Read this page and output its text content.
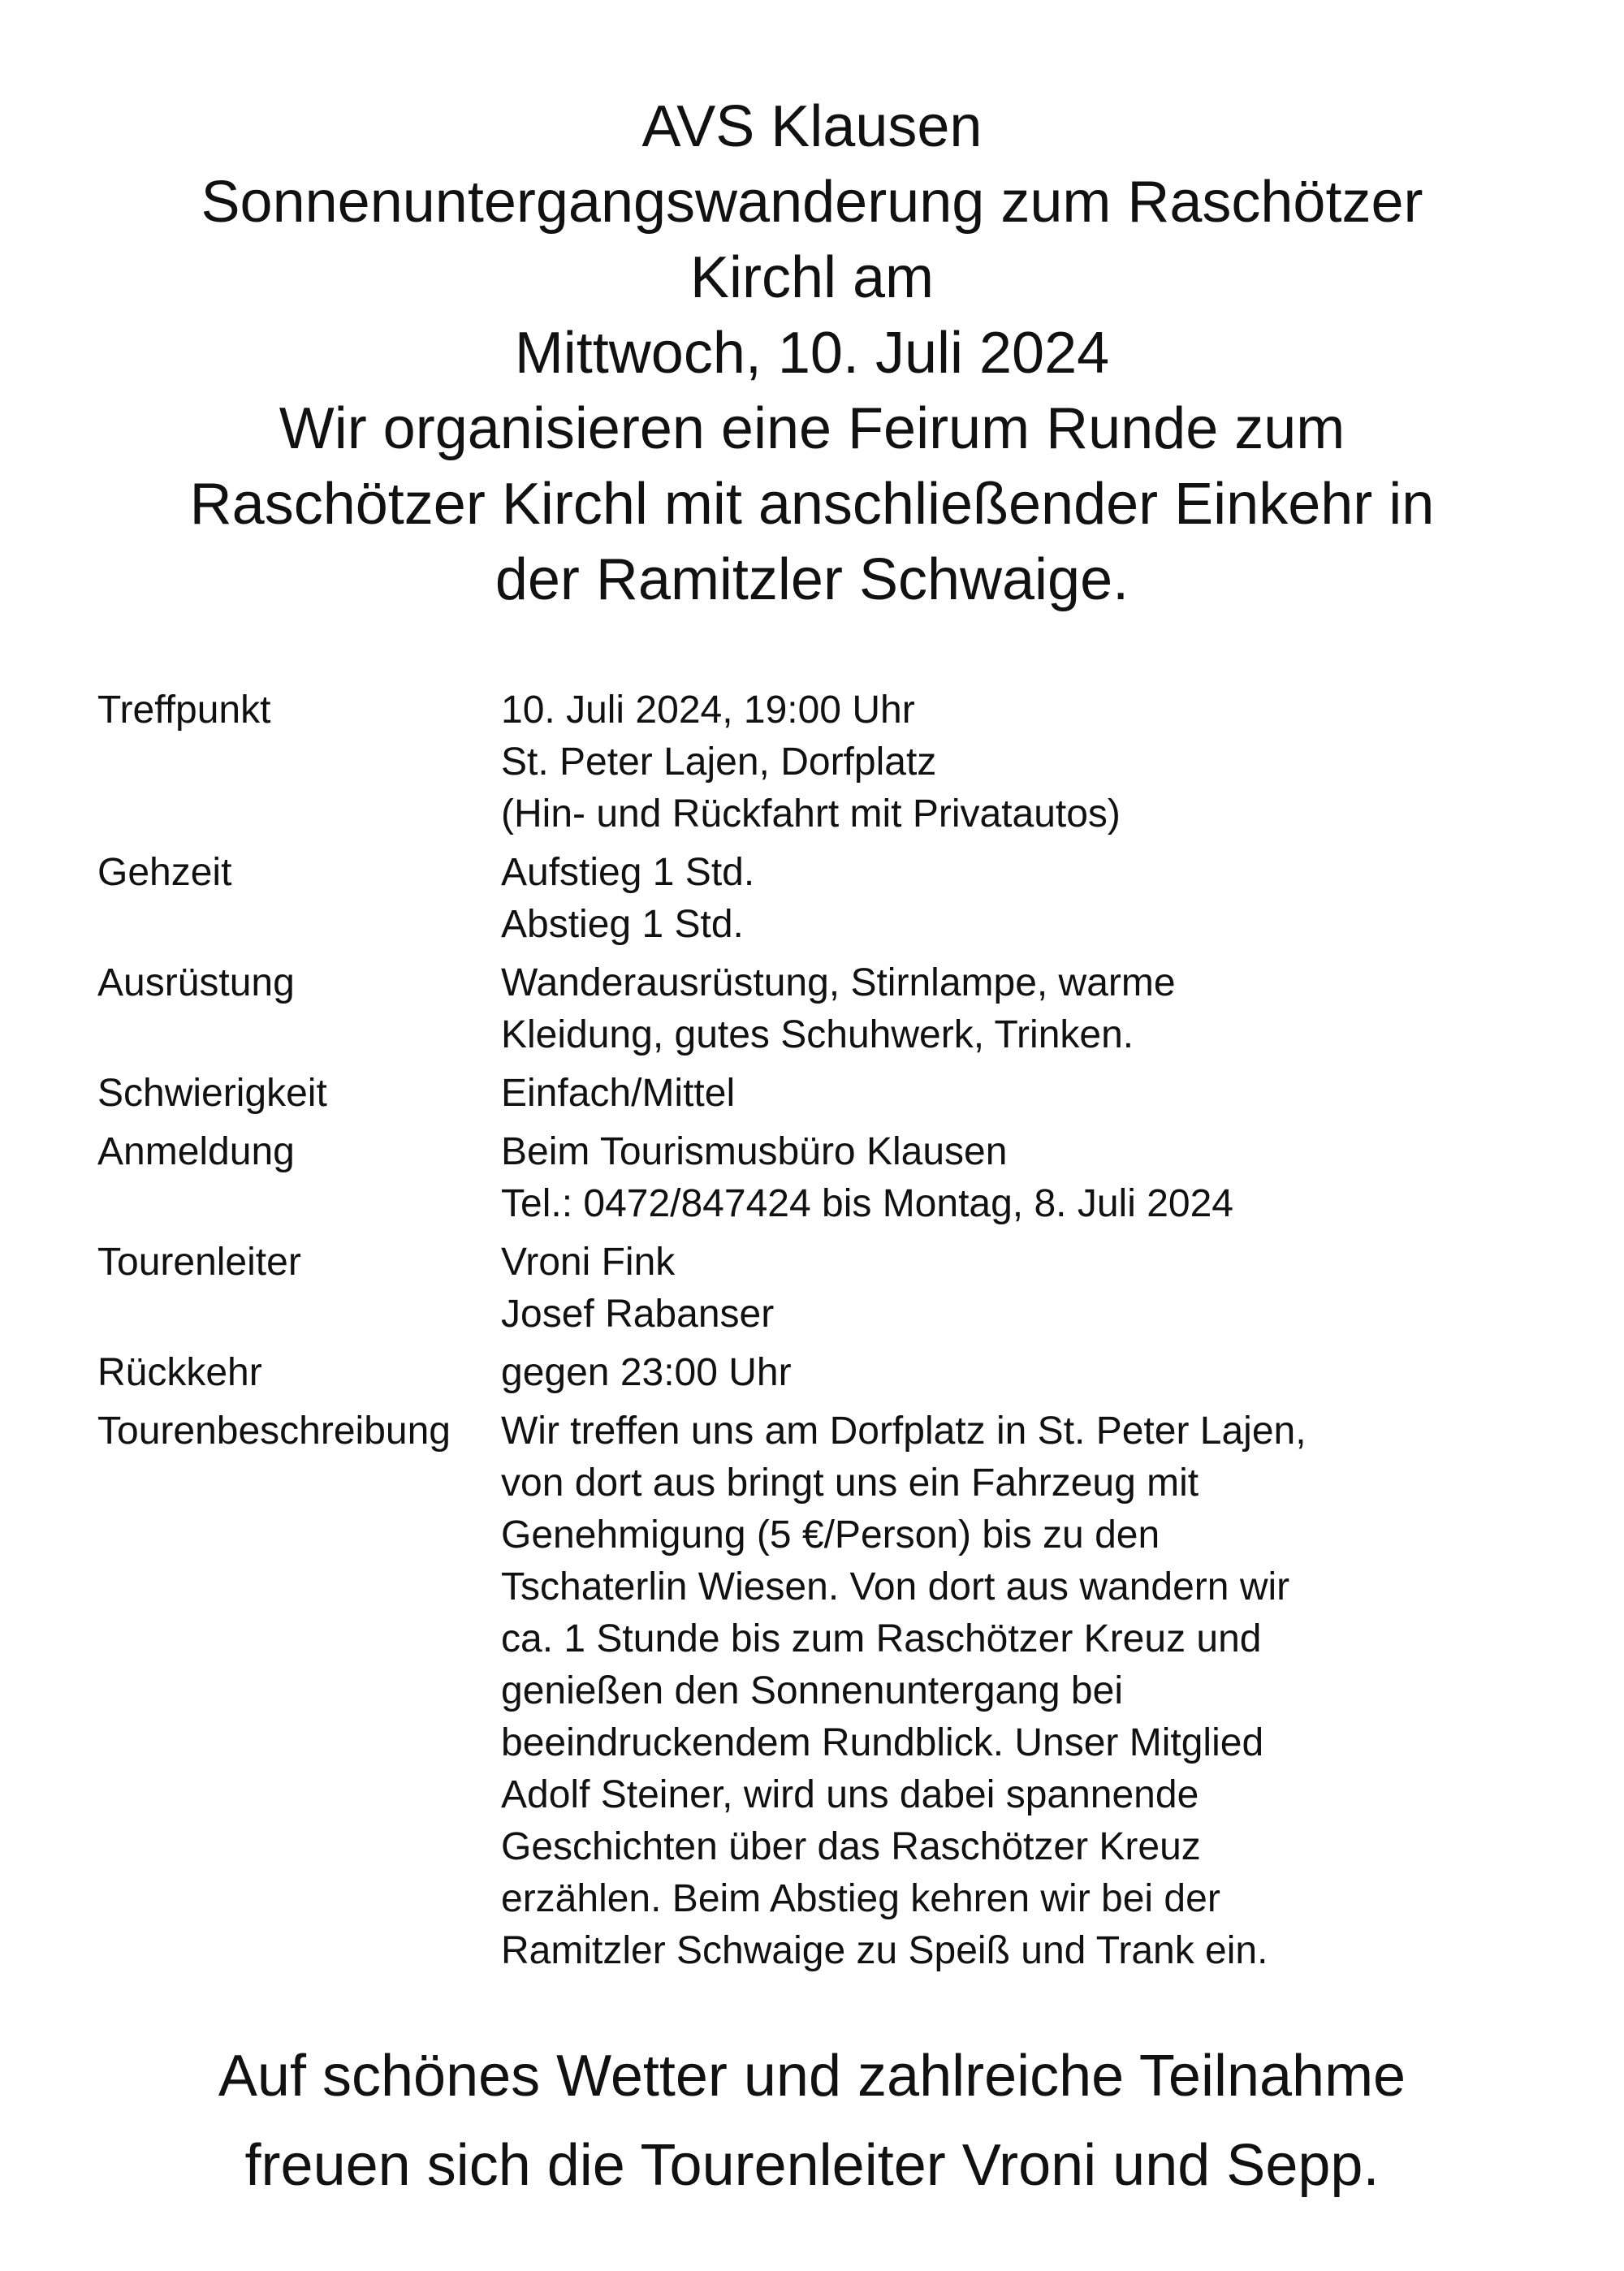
AVS Klausen
Sonnenuntergangswanderung zum Raschötzer
Kirchl am
Mittwoch, 10. Juli 2024
Wir organisieren eine Feirum Runde zum
Raschötzer Kirchl mit anschließender Einkehr in
der Ramitzler Schwaige.
Treffpunkt	10. Juli 2024, 19:00 Uhr
St. Peter Lajen, Dorfplatz
(Hin- und Rückfahrt mit Privatautos)
Gehzeit	Aufstieg 1 Std.
Abstieg 1 Std.
Ausrüstung	Wanderausrüstung, Stirnlampe, warme
Kleidung, gutes Schuhwerk, Trinken.
Schwierigkeit	Einfach/Mittel
Anmeldung	Beim Tourismusbüro Klausen
Tel.: 0472/847424 bis Montag, 8. Juli 2024
Tourenleiter	Vroni Fink
Josef Rabanser
Rückkehr	gegen 23:00 Uhr
Tourenbeschreibung Wir treffen uns am Dorfplatz in St. Peter Lajen,
von dort aus bringt uns ein Fahrzeug mit
Genehmigung (5 €/Person) bis zu den
Tschaterlin Wiesen. Von dort aus wandern wir
ca. 1 Stunde bis zum Raschötzer Kreuz und
genießen den Sonnenuntergang bei
beeindruckendem Rundblick. Unser Mitglied
Adolf Steiner, wird uns dabei spannende
Geschichten über das Raschötzer Kreuz
erzählen. Beim Abstieg kehren wir bei der
Ramitzler Schwaige zu Speiß und Trank ein.
Auf schönes Wetter und zahlreiche Teilnahme
freuen sich die Tourenleiter Vroni und Sepp.
